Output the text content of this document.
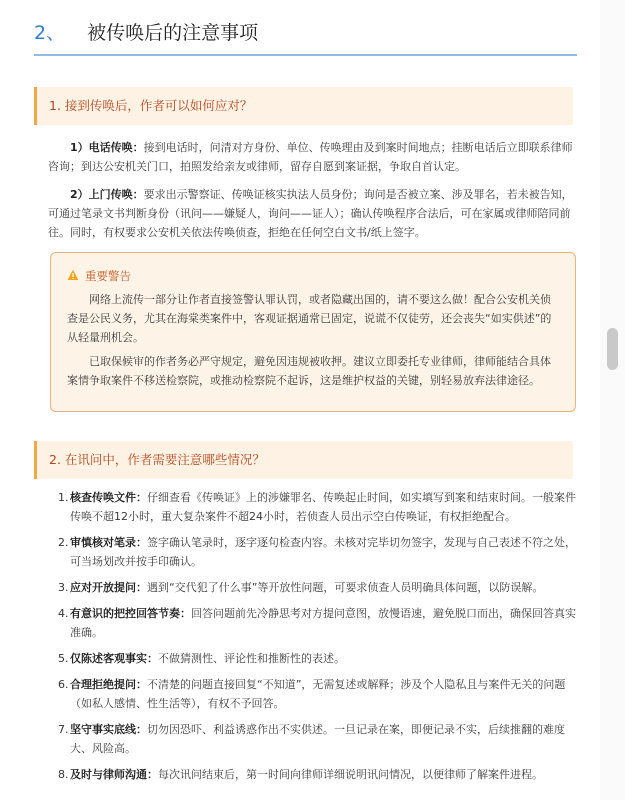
2、 被传唤后的注意事项
1. 接到传唤后，作者可以如何应对？

1）电话传唤：接到电话时，问清对方身份、单位、传唤理由及到案时间地点；挂断电话后立即联系律师咨询；到达公安机关门口，拍照发给亲友或律师，留存自愿到案证据，争取自首认定。

2）上门传唤：要求出示警察证、传唤证核实执法人员身份；询问是否被立案、涉及罪名，若未被告知，可通过笔录文书判断身份（讯问——嫌疑人，询问——证人）；确认传唤程序合法后，可在家属或律师陪同前往。同时，有权要求公安机关依法传唤侦查，拒绝在任何空白文书/纸上签字。

重要警告

网络上流传一部分让作者直接签警认罪认罚，或者隐藏出国的，请不要这么做！配合公安机关侦查是公民义务，尤其在海棠类案件中，客观证据通常已固定，说谎不仅徒劳，还会丧失“如实供述”的从轻量刑机会。

已取保候审的作者务必严守规定，避免因违规被收押。建议立即委托专业律师，律师能结合具体案情争取案件不移送检察院，或推动检察院不起诉，这是维护权益的关键，别轻易放弃法律途径。

2. 在讯问中，作者需要注意哪些情况？
1. 核查传唤文件：仔细查看《传唤证》上的涉嫌罪名、传唤起止时间，如实填写到案和结束时间。一般案件传唤不超12小时，重大复杂案件不超24小时，若侦查人员出示空白传唤证，有权拒绝配合。
2. 审慎核对笔录：签字确认笔录时，逐字逐句检查内容。未核对完毕切勿签字，发现与自己表述不符之处，可当场划改并按手印确认。
3. 应对开放提问：遇到“交代犯了什么事”等开放性问题，可要求侦查人员明确具体问题，以防误解。
4. 有意识的把控回答节奏：回答问题前先冷静思考对方提问意图，放慢语速，避免脱口而出，确保回答真实准确。
5. 仅陈述客观事实：不做猜测性、评论性和推断性的表述。
6. 合理拒绝提问：不清楚的问题直接回复“不知道”，无需复述或解释；涉及个人隐私且与案件无关的问题（如私人感情、性生活等），有权不予回答。
7. 坚守事实底线：切勿因恐吓、利益诱惑作出不实供述。一旦记录在案，即便记录不实，后续推翻的难度大、风险高。
8. 及时与律师沟通：每次讯问结束后，第一时间向律师详细说明讯问情况，以便律师了解案件进程。
